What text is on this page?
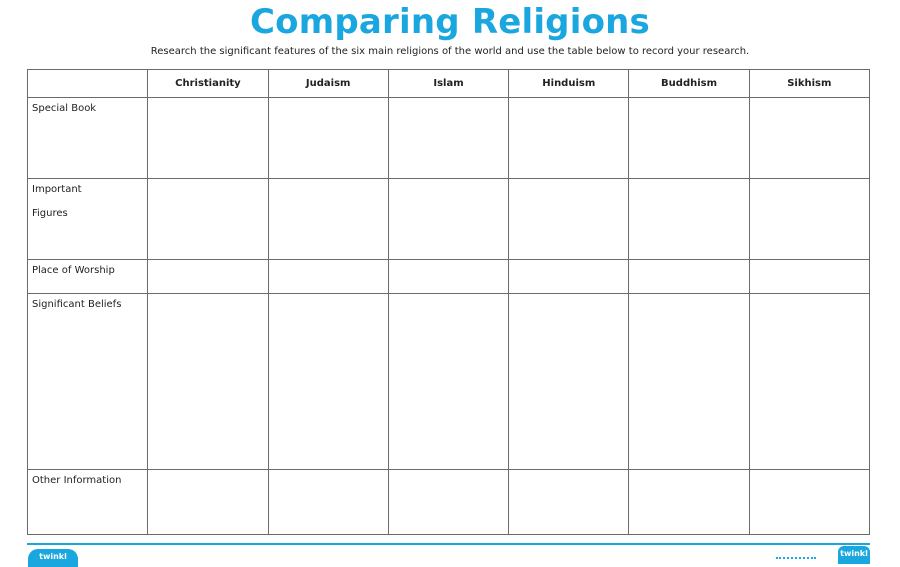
Comparing Religions
Research the significant features of the six main religions of the world and use the table below to record your research.
	Christianity	Judaism	Islam	Hinduism	Buddhism	Sikhism

Special Book						

Important
Figures						

Place of Worship						

Significant Beliefs						

Other Information						

twinkl	twinkl
